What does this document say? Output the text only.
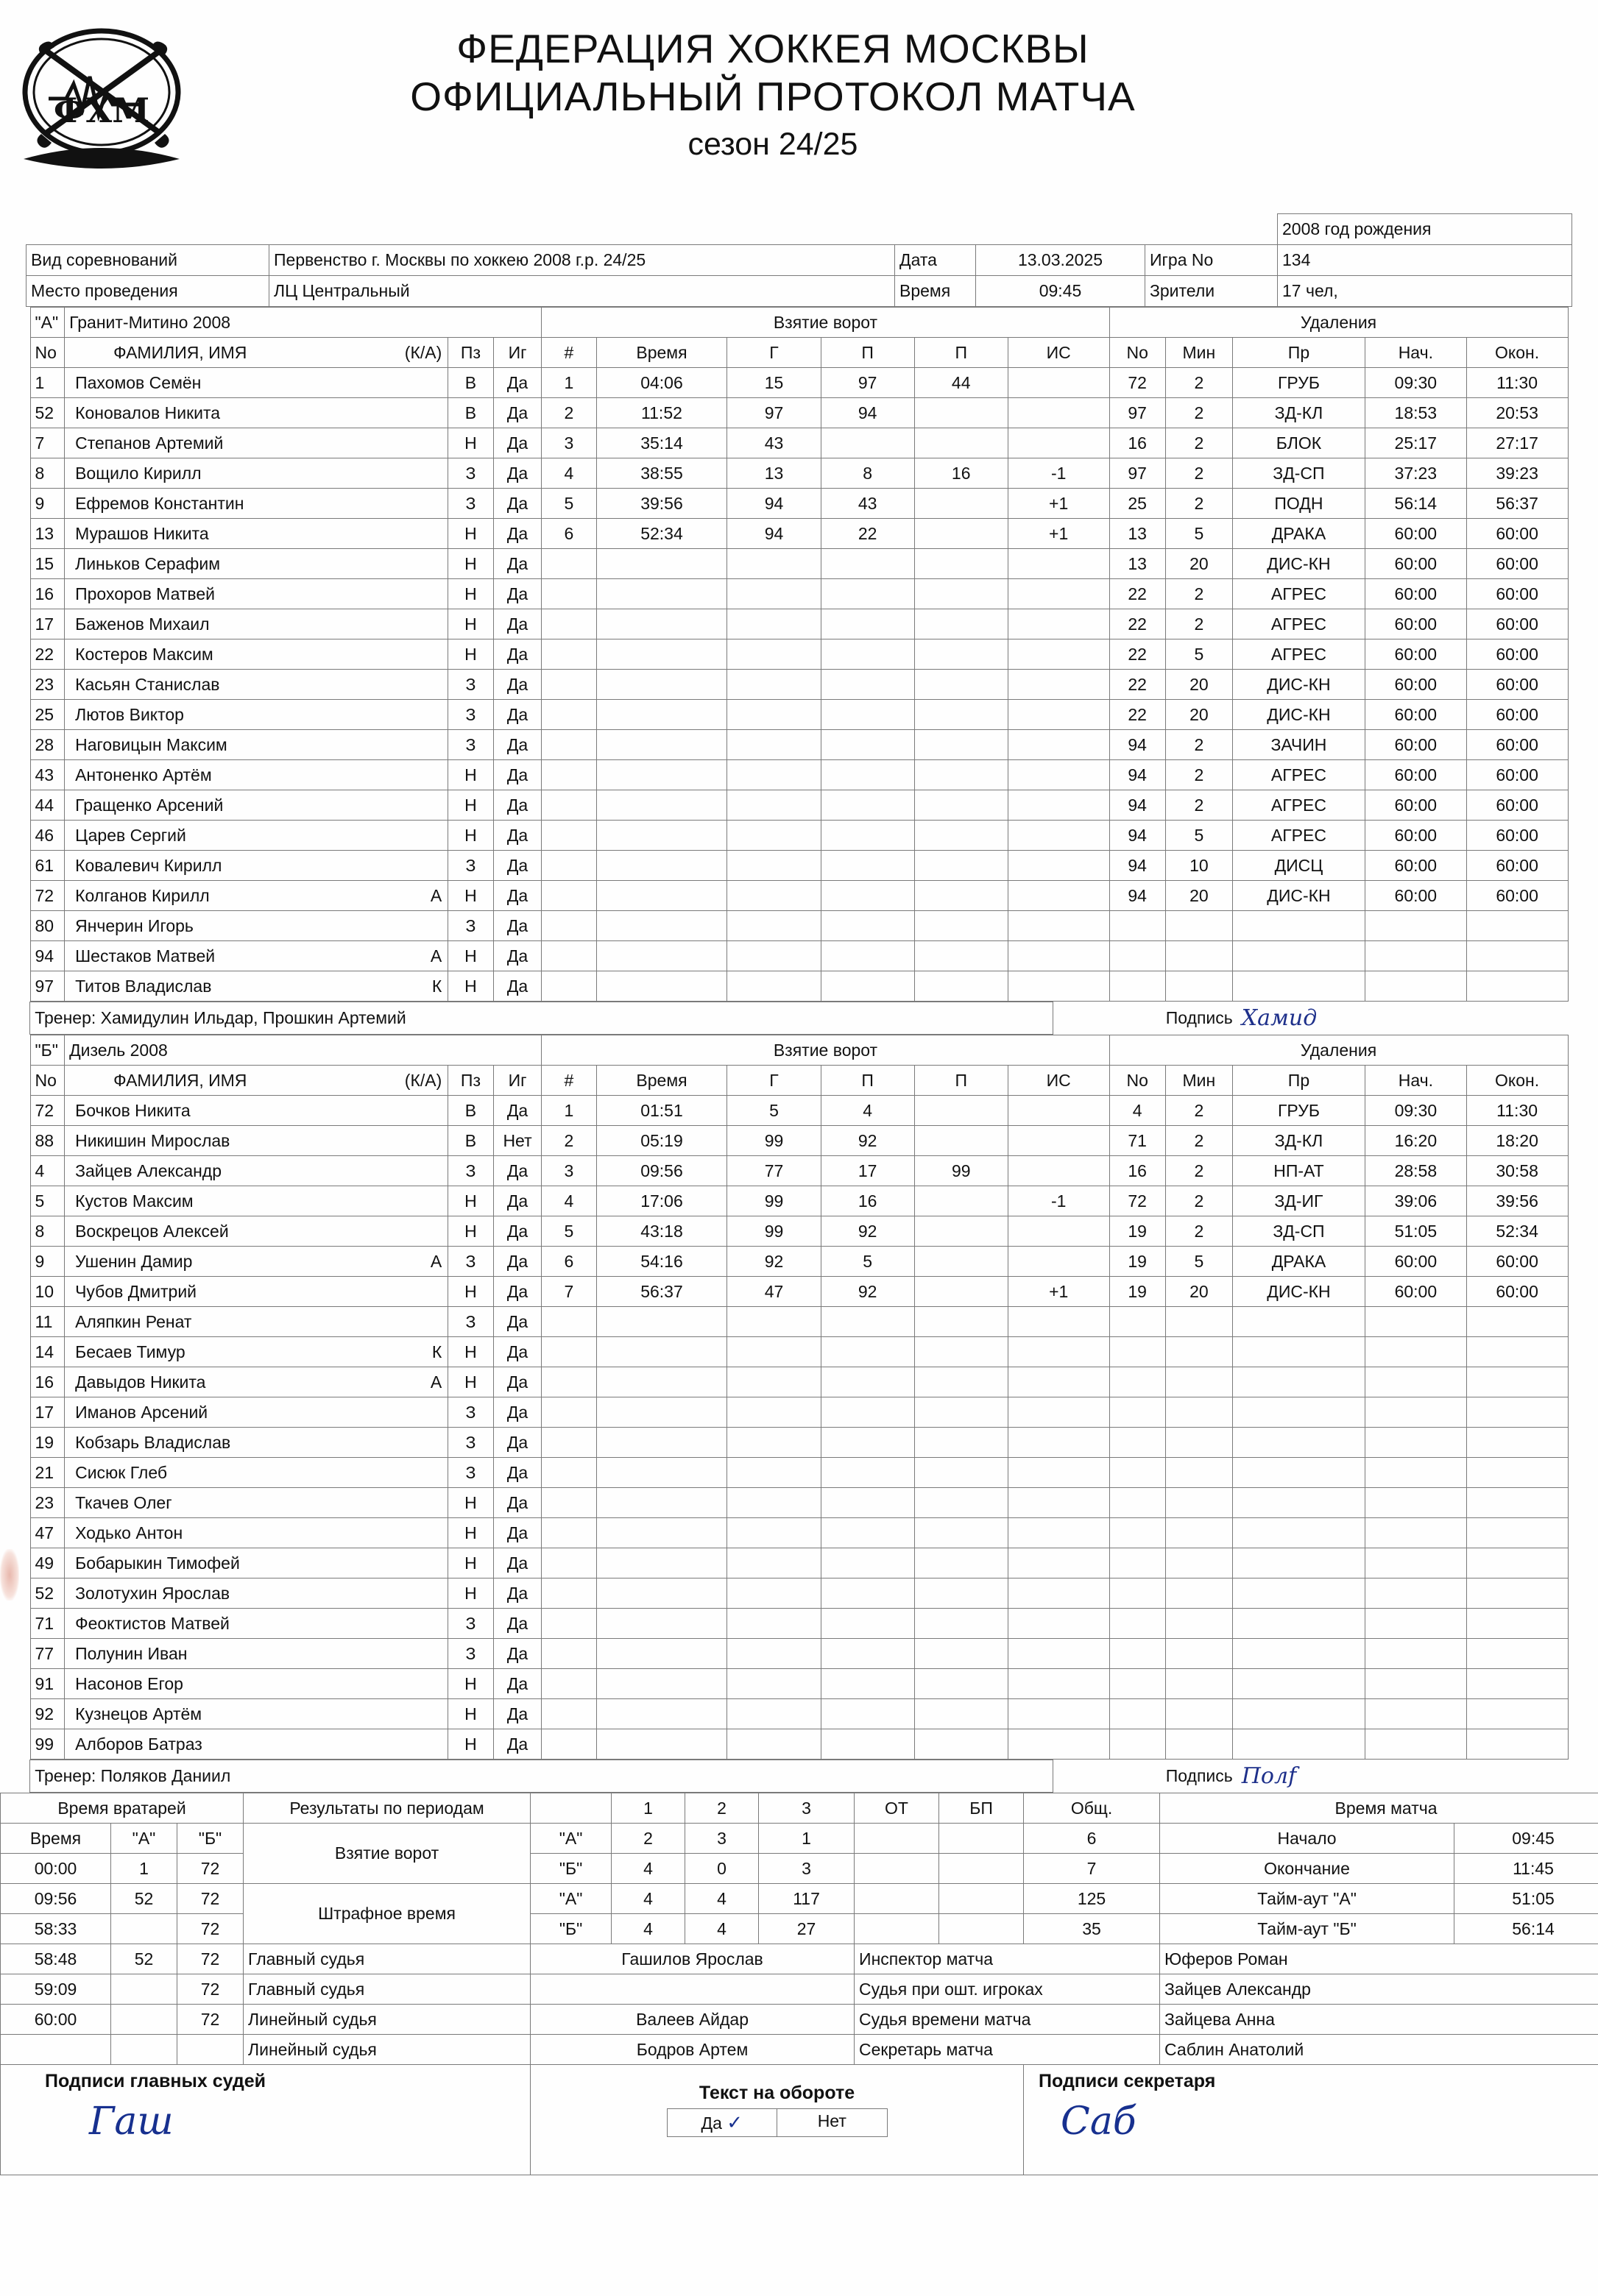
ФХМ
ФЕДЕРАЦИЯ ХОККЕЯ МОСКВЫ
ОФИЦИАЛЬНЫЙ ПРОТОКОЛ МАТЧА
сезон 24/25
					2008 год рождения
Вид соревнований	Первенство г. Москвы по хоккею 2008 г.р. 24/25	Дата	13.03.2025	Игра No	134
Место проведения	ЛЦ Центральный	Время	09:45	Зрители	17 чел,
"А"	Гранит-Митино 2008			Взятие ворот						Удаления				
No	ФАМИЛИЯ, ИМЯ (К/А)	Пз	Иг	#	Время	Г	П	П	ИС	No	Мин	Пр	Нач.	Окон.
1	Пахомов Семён	В	Да	1	04:06	15	97	44		72	2	ГРУБ	09:30	11:30
52	Коновалов Никита	В	Да	2	11:52	97	94			97	2	ЗД-КЛ	18:53	20:53
7	Степанов Артемий	Н	Да	3	35:14	43				16	2	БЛОК	25:17	27:17
8	Вощило Кирилл	З	Да	4	38:55	13	8	16	-1	97	2	ЗД-СП	37:23	39:23
9	Ефремов Константин	З	Да	5	39:56	94	43		+1	25	2	ПОДН	56:14	56:37
13	Мурашов Никита	Н	Да	6	52:34	94	22		+1	13	5	ДРАКА	60:00	60:00
15	Линьков Серафим	Н	Да							13	20	ДИС-КН	60:00	60:00
16	Прохоров Матвей	Н	Да							22	2	АГРЕС	60:00	60:00
17	Баженов Михаил	Н	Да							22	2	АГРЕС	60:00	60:00
22	Костеров Максим	Н	Да							22	5	АГРЕС	60:00	60:00
23	Касьян Станислав	З	Да							22	20	ДИС-КН	60:00	60:00
25	Лютов Виктор	З	Да							22	20	ДИС-КН	60:00	60:00
28	Наговицын Максим	З	Да							94	2	ЗАЧИН	60:00	60:00
43	Антоненко Артём	Н	Да							94	2	АГРЕС	60:00	60:00
44	Гращенко Арсений	Н	Да							94	2	АГРЕС	60:00	60:00
46	Царев Сергий	Н	Да							94	5	АГРЕС	60:00	60:00
61	Ковалевич Кирилл	З	Да							94	10	ДИСЦ	60:00	60:00
72	Колганов Кирилл А	Н	Да							94	20	ДИС-КН	60:00	60:00
80	Янчерин Игорь	З	Да											
94	Шестаков Матвей А	Н	Да											
97	Титов Владислав К	Н	Да											
Тренер: Хамидулин Ильдар, Прошкин Артемий	Подпись	Хамид
"Б"	Дизель 2008			Взятие ворот						Удаления				
No	ФАМИЛИЯ, ИМЯ (К/А)	Пз	Иг	#	Время	Г	П	П	ИС	No	Мин	Пр	Нач.	Окон.
72	Бочков Никита	В	Да	1	01:51	5	4			4	2	ГРУБ	09:30	11:30
88	Никишин Мирослав	В	Нет	2	05:19	99	92			71	2	ЗД-КЛ	16:20	18:20
4	Зайцев Александр	З	Да	3	09:56	77	17	99		16	2	НП-АТ	28:58	30:58
5	Кустов Максим	Н	Да	4	17:06	99	16		-1	72	2	ЗД-ИГ	39:06	39:56
8	Воскрецов Алексей	Н	Да	5	43:18	99	92			19	2	ЗД-СП	51:05	52:34
9	Ушенин Дамир А	З	Да	6	54:16	92	5			19	5	ДРАКА	60:00	60:00
10	Чубов Дмитрий	Н	Да	7	56:37	47	92		+1	19	20	ДИС-КН	60:00	60:00
11	Аляпкин Ренат	З	Да											
14	Бесаев Тимур К	Н	Да											
16	Давыдов Никита А	Н	Да											
17	Иманов Арсений	З	Да											
19	Кобзарь Владислав	З	Да											
21	Сисюк Глеб	З	Да											
23	Ткачев Олег	Н	Да											
47	Ходько Антон	Н	Да											
49	Бобарыкин Тимофей	Н	Да											
52	Золотухин Ярослав	Н	Да											
71	Феоктистов Матвей	З	Да											
77	Полунин Иван	З	Да											
91	Насонов Егор	Н	Да											
92	Кузнецов Артём	Н	Да											
99	Алборов Батраз	Н	Да											
Тренер: Поляков Даниил	Подпись	Полf
Время вратарей			Результаты по периодам		1	2	3	ОТ	БП	Общ.	Время матча	
Время	"А"	"Б"	Взятие ворот	"А"	2	3	1			6	Начало	09:45
00:00	1	72		"Б"	4	0	3			7	Окончание	11:45
09:56	52	72	Штрафное время	"А"	4	4	117			125	Тайм-аут "А"	51:05
58:33		72		"Б"	4	4	27			35	Тайм-аут "Б"	56:14
58:48	52	72	Главный судья	Гашилов Ярослав				Инспектор матча			Юферов Роман	
59:09		72	Главный судья					Судья при ошт. игроках			Зайцев Александр	
60:00		72	Линейный судья	Валеев Айдар				Судья времени матча			Зайцева Анна	
			Линейный судья	Бодров Артем				Секретарь матча			Саблин Анатолий	

Подписи главных судей
Гаш

Текст на обороте
Да ✓	Нет

Подписи секретаря
Саб
